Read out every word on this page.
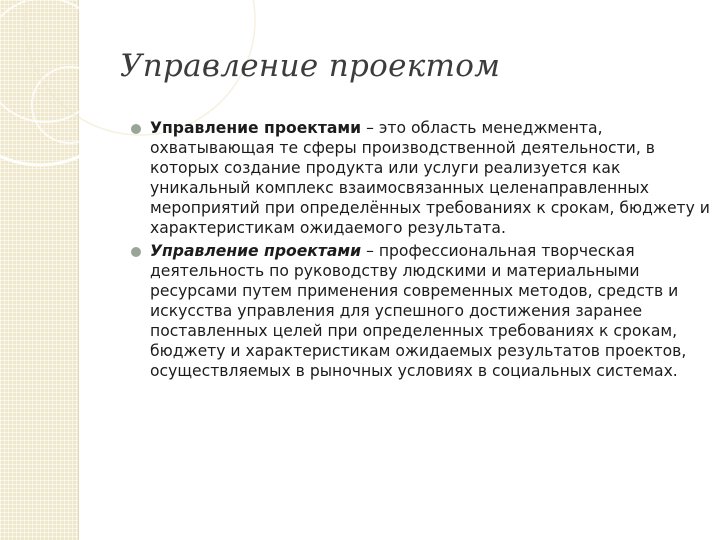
Управление проектом
Управление проектами – это область менеджмента, охватывающая те сферы производственной деятельности, в которых создание продукта или услуги реализуется как уникальный комплекс взаимосвязанных целенаправленных мероприятий при определённых требованиях к срокам, бюджету и характеристикам ожидаемого результата.
Управление проектами – профессиональная творческая деятельность по руководству людскими и материальными ресурсами путем применения современных методов, средств и искусства управления для успешного достижения заранее поставленных целей при определенных требованиях к срокам, бюджету и характеристикам ожидаемых результатов проектов, осуществляемых в рыночных условиях в социальных системах.
